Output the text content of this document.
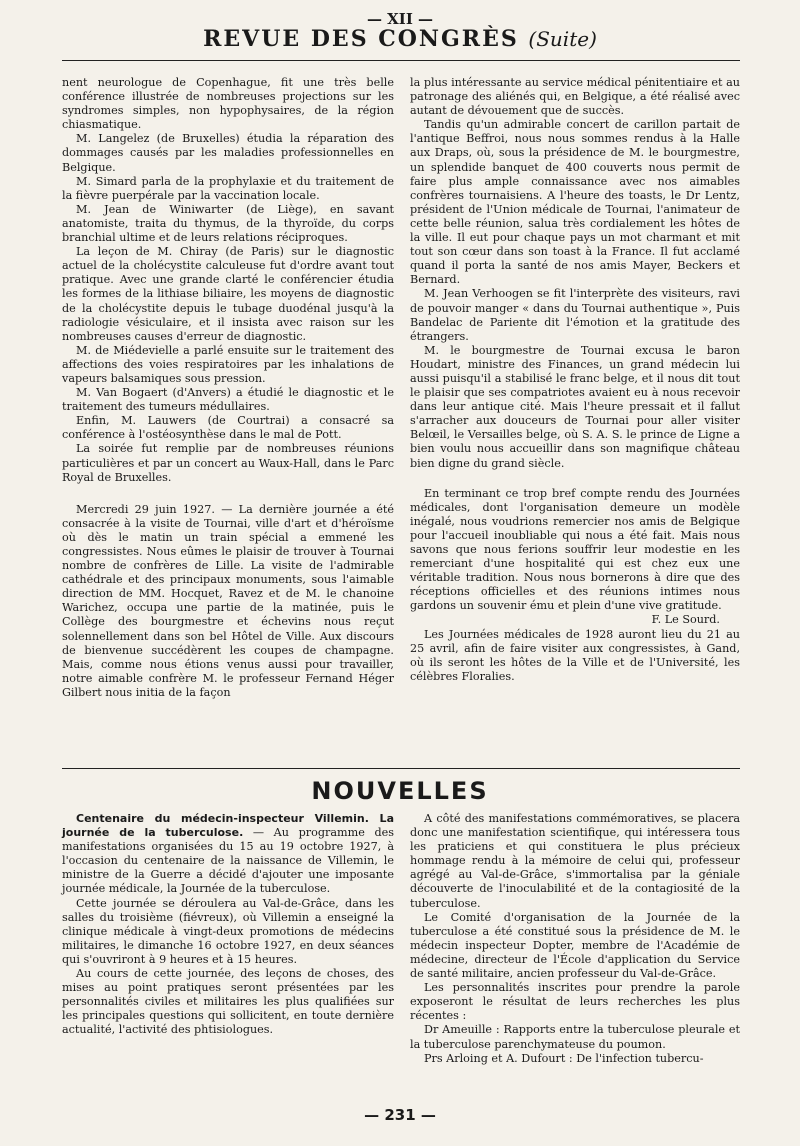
— XII —
REVUE DES CONGRÈS (Suite)

nent neurologue de Copenhague, fit une très belle conférence illustrée de nombreuses projections sur les syndromes simples, non hypophysaires, de la région chiasmatique.

M. Langelez (de Bruxelles) étudia la réparation des dommages causés par les maladies professionnelles en Belgique.

M. Simard parla de la prophylaxie et du traitement de la fièvre puerpérale par la vaccination locale.

M. Jean de Winiwarter (de Liège), en savant anatomiste, traita du thymus, de la thyroïde, du corps branchial ultime et de leurs relations réciproques.

La leçon de M. Chiray (de Paris) sur le diagnostic actuel de la cholécystite calculeuse fut d'ordre avant tout pratique. Avec une grande clarté le conférencier étudia les formes de la lithiase biliaire, les moyens de diagnostic de la cholécystite depuis le tubage duodénal jusqu'à la radiologie vésiculaire, et il insista avec raison sur les nombreuses causes d'erreur de diagnostic.

M. de Miédevielle a parlé ensuite sur le traitement des affections des voies respiratoires par les inhalations de vapeurs balsamiques sous pression.

M. Van Bogaert (d'Anvers) a étudié le diagnostic et le traitement des tumeurs médullaires.

Enfin, M. Lauwers (de Courtrai) a consacré sa conférence à l'ostéosynthèse dans le mal de Pott.

La soirée fut remplie par de nombreuses réunions particulières et par un concert au Waux-Hall, dans le Parc Royal de Bruxelles.

Mercredi 29 juin 1927. — La dernière journée a été consacrée à la visite de Tournai, ville d'art et d'héroïsme où dès le matin un train spécial a emmené les congressistes. Nous eûmes le plaisir de trouver à Tournai nombre de confrères de Lille. La visite de l'admirable cathédrale et des principaux monuments, sous l'aimable direction de MM. Hocquet, Ravez et de M. le chanoine Warichez, occupa une partie de la matinée, puis le Collège des bourgmestre et échevins nous reçut solennellement dans son bel Hôtel de Ville. Aux discours de bienvenue succédèrent les coupes de champagne. Mais, comme nous étions venus aussi pour travailler, notre aimable confrère M. le professeur Fernand Héger Gilbert nous initia de la façon

la plus intéressante au service médical pénitentiaire et au patronage des aliénés qui, en Belgique, a été réalisé avec autant de dévouement que de succès.

Tandis qu'un admirable concert de carillon partait de l'antique Beffroi, nous nous sommes rendus à la Halle aux Draps, où, sous la présidence de M. le bourgmestre, un splendide banquet de 400 couverts nous permit de faire plus ample connaissance avec nos aimables confrères tournaisiens. A l'heure des toasts, le Dr Lentz, président de l'Union médicale de Tournai, l'animateur de cette belle réunion, salua très cordialement les hôtes de la ville. Il eut pour chaque pays un mot charmant et mit tout son cœur dans son toast à la France. Il fut acclamé quand il porta la santé de nos amis Mayer, Beckers et Bernard.

M. Jean Verhoogen se fit l'interprète des visiteurs, ravi de pouvoir manger « dans du Tournai authentique », Puis Bandelac de Pariente dit l'émotion et la gratitude des étrangers.

M. le bourgmestre de Tournai excusa le baron Houdart, ministre des Finances, un grand médecin lui aussi puisqu'il a stabilisé le franc belge, et il nous dit tout le plaisir que ses compatriotes avaient eu à nous recevoir dans leur antique cité. Mais l'heure pressait et il fallut s'arracher aux douceurs de Tournai pour aller visiter Belœil, le Versailles belge, où S. A. S. le prince de Ligne a bien voulu nous accueillir dans son magnifique château bien digne du grand siècle.

En terminant ce trop bref compte rendu des Journées médicales, dont l'organisation demeure un modèle inégalé, nous voudrions remercier nos amis de Belgique pour l'accueil inoubliable qui nous a été fait. Mais nous savons que nous ferions souffrir leur modestie en les remerciant d'une hospitalité qui est chez eux une véritable tradition. Nous nous bornerons à dire que des réceptions officielles et des réunions intimes nous gardons un souvenir ému et plein d'une vive gratitude.

F. Le Sourd.

Les Journées médicales de 1928 auront lieu du 21 au 25 avril, afin de faire visiter aux congressistes, à Gand, où ils seront les hôtes de la Ville et de l'Université, les célèbres Floralies.

NOUVELLES

Centenaire du médecin-inspecteur Villemin. La journée de la tuberculose. — Au programme des manifestations organisées du 15 au 19 octobre 1927, à l'occasion du centenaire de la naissance de Villemin, le ministre de la Guerre a décidé d'ajouter une imposante journée médicale, la Journée de la tuberculose.

Cette journée se déroulera au Val-de-Grâce, dans les salles du troisième (fiévreux), où Villemin a enseigné la clinique médicale à vingt-deux promotions de médecins militaires, le dimanche 16 octobre 1927, en deux séances qui s'ouvriront à 9 heures et à 15 heures.

Au cours de cette journée, des leçons de choses, des mises au point pratiques seront présentées par les personnalités civiles et militaires les plus qualifiées sur les principales questions qui sollicitent, en toute dernière actualité, l'activité des phtisiologues.

A côté des manifestations commémoratives, se placera donc une manifestation scientifique, qui intéressera tous les praticiens et qui constituera le plus précieux hommage rendu à la mémoire de celui qui, professeur agrégé au Val-de-Grâce, s'immortalisa par la géniale découverte de l'inoculabilité et de la contagiosité de la tuberculose.

Le Comité d'organisation de la Journée de la tuberculose a été constitué sous la présidence de M. le médecin inspecteur Dopter, membre de l'Académie de médecine, directeur de l'École d'application du Service de santé militaire, ancien professeur du Val-de-Grâce.

Les personnalités inscrites pour prendre la parole exposeront le résultat de leurs recherches les plus récentes :

Dr Ameuille : Rapports entre la tuberculose pleurale et la tuberculose parenchymateuse du poumon.

Prs Arloing et A. Dufourt : De l'infection tubercu-

— 231 —
